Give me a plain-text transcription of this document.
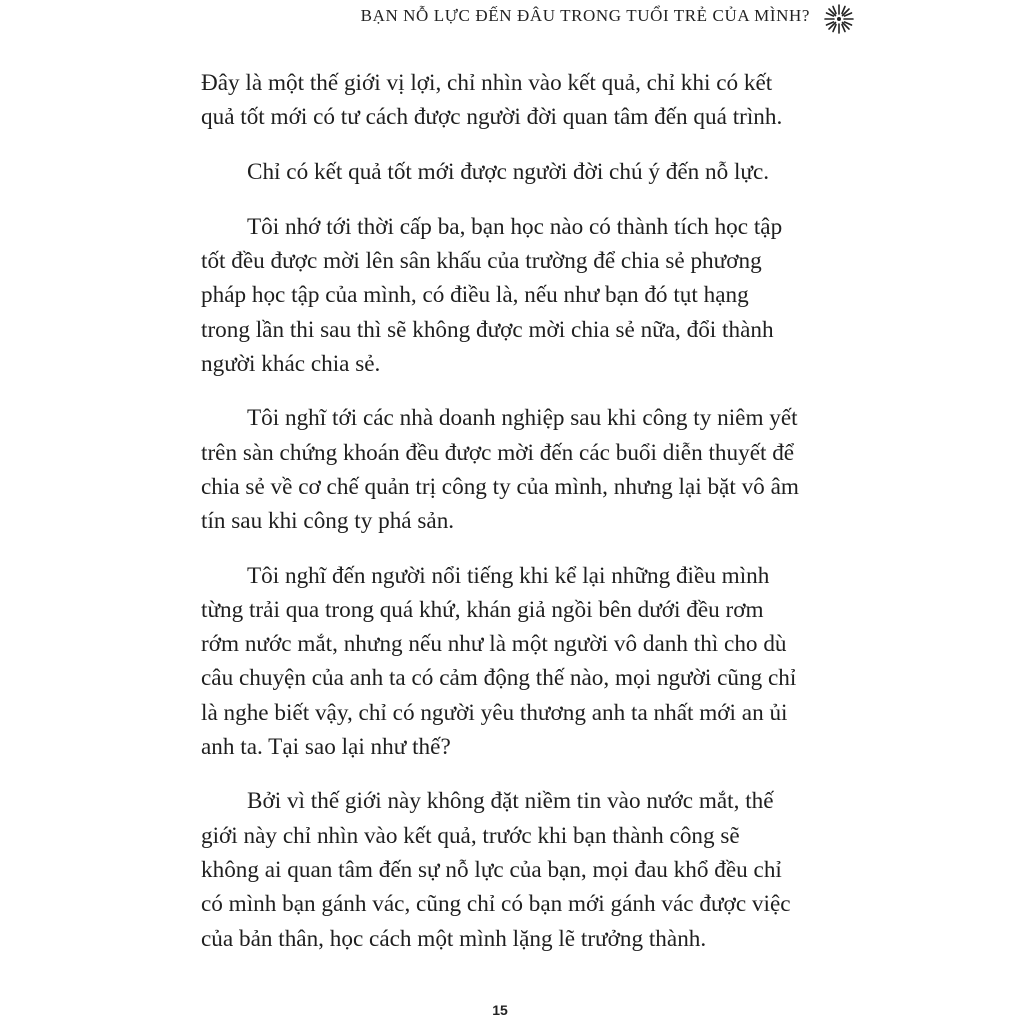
BẠN NỖ LỰC ĐẾN ĐÂU TRONG TUỔI TRẺ CỦA MÌNH?

Đây là một thế giới vị lợi, chỉ nhìn vào kết quả, chỉ khi có kết quả tốt mới có tư cách được người đời quan tâm đến quá trình.

Chỉ có kết quả tốt mới được người đời chú ý đến nỗ lực.

Tôi nhớ tới thời cấp ba, bạn học nào có thành tích học tập tốt đều được mời lên sân khấu của trường để chia sẻ phương pháp học tập của mình, có điều là, nếu như bạn đó tụt hạng trong lần thi sau thì sẽ không được mời chia sẻ nữa, đổi thành người khác chia sẻ.

Tôi nghĩ tới các nhà doanh nghiệp sau khi công ty niêm yết trên sàn chứng khoán đều được mời đến các buổi diễn thuyết để chia sẻ về cơ chế quản trị công ty của mình, nhưng lại bặt vô âm tín sau khi công ty phá sản.

Tôi nghĩ đến người nổi tiếng khi kể lại những điều mình từng trải qua trong quá khứ, khán giả ngồi bên dưới đều rơm rớm nước mắt, nhưng nếu như là một người vô danh thì cho dù câu chuyện của anh ta có cảm động thế nào, mọi người cũng chỉ là nghe biết vậy, chỉ có người yêu thương anh ta nhất mới an ủi anh ta. Tại sao lại như thế?

Bởi vì thế giới này không đặt niềm tin vào nước mắt, thế giới này chỉ nhìn vào kết quả, trước khi bạn thành công sẽ không ai quan tâm đến sự nỗ lực của bạn, mọi đau khổ đều chỉ có mình bạn gánh vác, cũng chỉ có bạn mới gánh vác được việc của bản thân, học cách một mình lặng lẽ trưởng thành.

15
